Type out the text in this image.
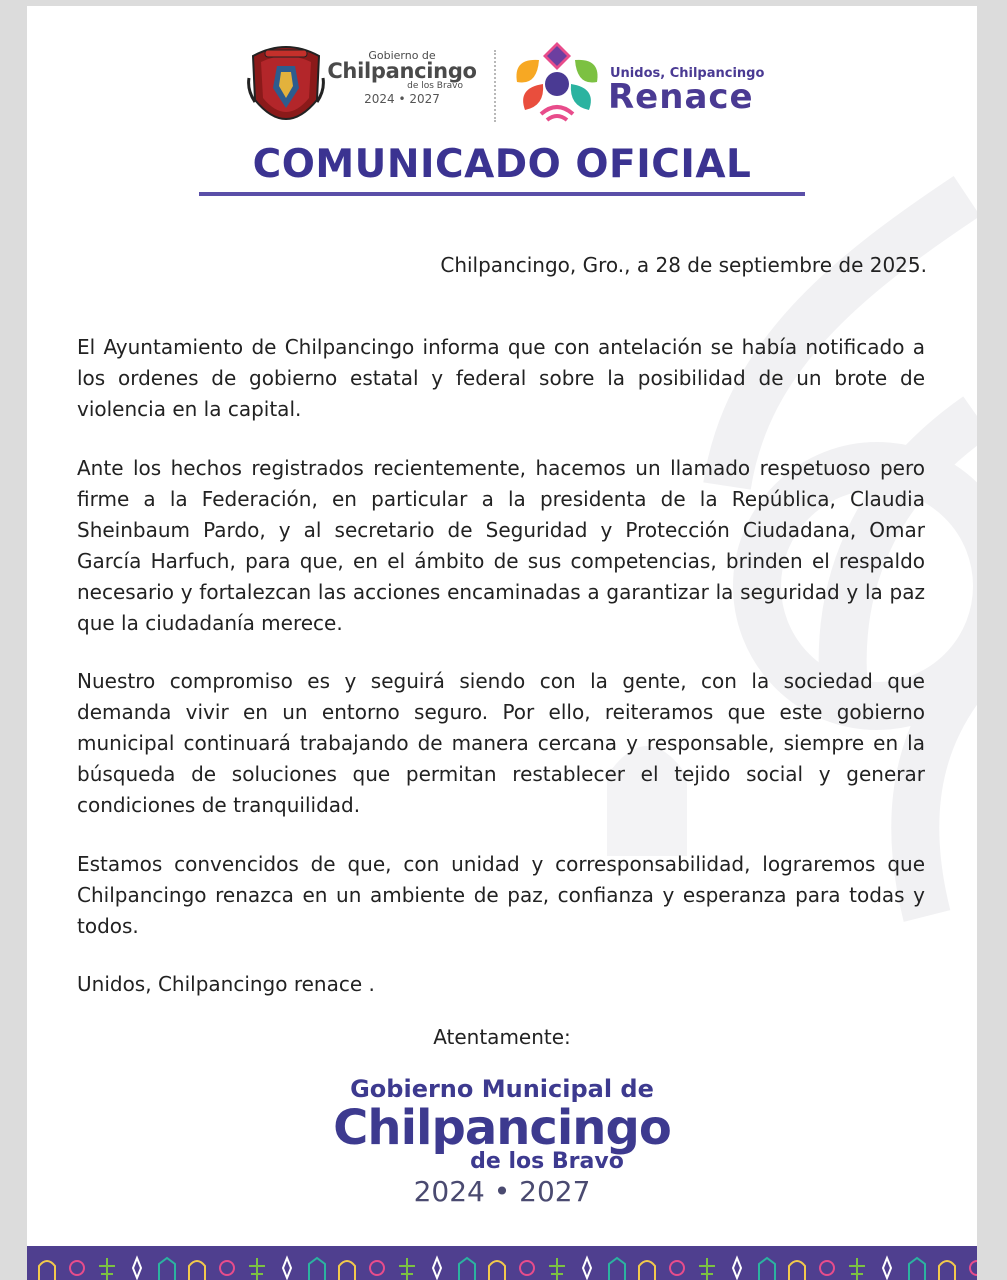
Gobierno de
Chilpancingo
de los Bravo
2024 • 2027
Unidos, Chilpancingo
Renace
COMUNICADO OFICIAL
Chilpancingo, Gro., a 28 de septiembre de 2025.

El Ayuntamiento de Chilpancingo informa que con antelación se había notificado a los ordenes de gobierno estatal y federal sobre la posibilidad de un brote de violencia en la capital.

Ante los hechos registrados recientemente, hacemos un llamado respetuoso pero firme a la Federación, en particular a la presidenta de la República, Claudia Sheinbaum Pardo, y al secretario de Seguridad y Protección Ciudadana, Omar García Harfuch, para que, en el ámbito de sus competencias, brinden el respaldo necesario y fortalezcan las acciones encaminadas a garantizar la seguridad y la paz que la ciudadanía merece.

Nuestro compromiso es y seguirá siendo con la gente, con la sociedad que demanda vivir en un entorno seguro. Por ello, reiteramos que este gobierno municipal continuará trabajando de manera cercana y responsable, siempre en la búsqueda de soluciones que permitan restablecer el tejido social y generar condiciones de tranquilidad.

Estamos convencidos de que, con unidad y corresponsabilidad, lograremos que Chilpancingo renazca en un ambiente de paz, confianza y esperanza para todas y todos.

Unidos, Chilpancingo renace .

Atentamente:
Gobierno Municipal de
Chilpancingo
de los Bravo
2024 • 2027
